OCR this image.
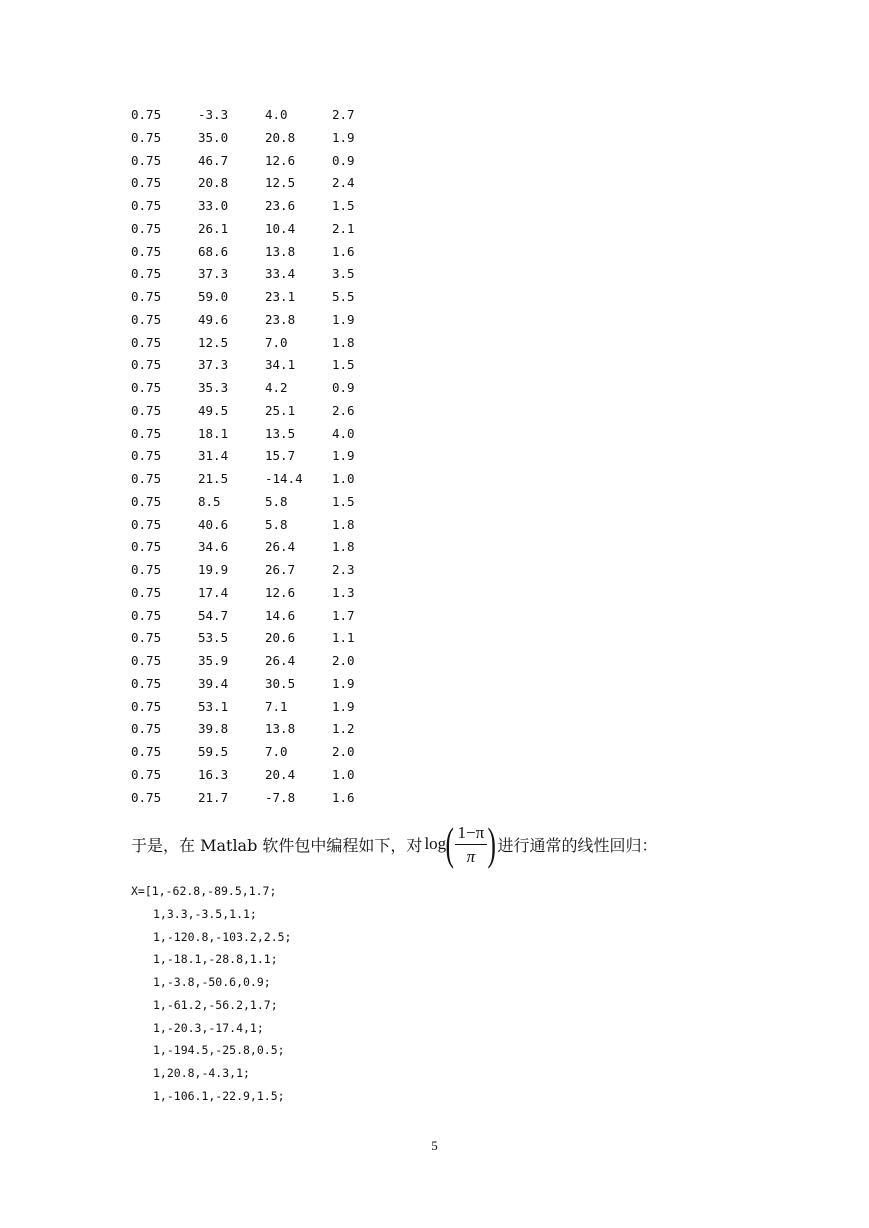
0.75	-3.3	4.0	2.7
0.75	35.0	20.8	1.9
0.75	46.7	12.6	0.9
0.75	20.8	12.5	2.4
0.75	33.0	23.6	1.5
0.75	26.1	10.4	2.1
0.75	68.6	13.8	1.6
0.75	37.3	33.4	3.5
0.75	59.0	23.1	5.5
0.75	49.6	23.8	1.9
0.75	12.5	7.0	1.8
0.75	37.3	34.1	1.5
0.75	35.3	4.2	0.9
0.75	49.5	25.1	2.6
0.75	18.1	13.5	4.0
0.75	31.4	15.7	1.9
0.75	21.5	-14.4 1.0
0.75	8.5	5.8	1.5
0.75	40.6	5.8	1.8
0.75	34.6	26.4	1.8
0.75	19.9	26.7	2.3
0.75	17.4	12.6	1.3
0.75	54.7	14.6	1.7
0.75	53.5	20.6	1.1
0.75	35.9	26.4	2.0
0.75	39.4	30.5	1.9
0.75	53.1	7.1	1.9
0.75	39.8	13.8	1.2
0.75	59.5	7.0	2.0
0.75	16.3	20.4	1.0
0.75	21.7	-7.8	1.6
于是，在 Matlab 软件包中编程如下，对 log ( $\frac{1-\pi}{\pi}$ ) 进行通常的线性回归：
X=[1,-62.8,-89.5,1.7;
1,3.3,-3.5,1.1;
1,-120.8,-103.2,2.5;
1,-18.1,-28.8,1.1;
1,-3.8,-50.6,0.9;
1,-61.2,-56.2,1.7;
1,-20.3,-17.4,1;
1,-194.5,-25.8,0.5;
1,20.8,-4.3,1;
1,-106.1,-22.9,1.5;
5
